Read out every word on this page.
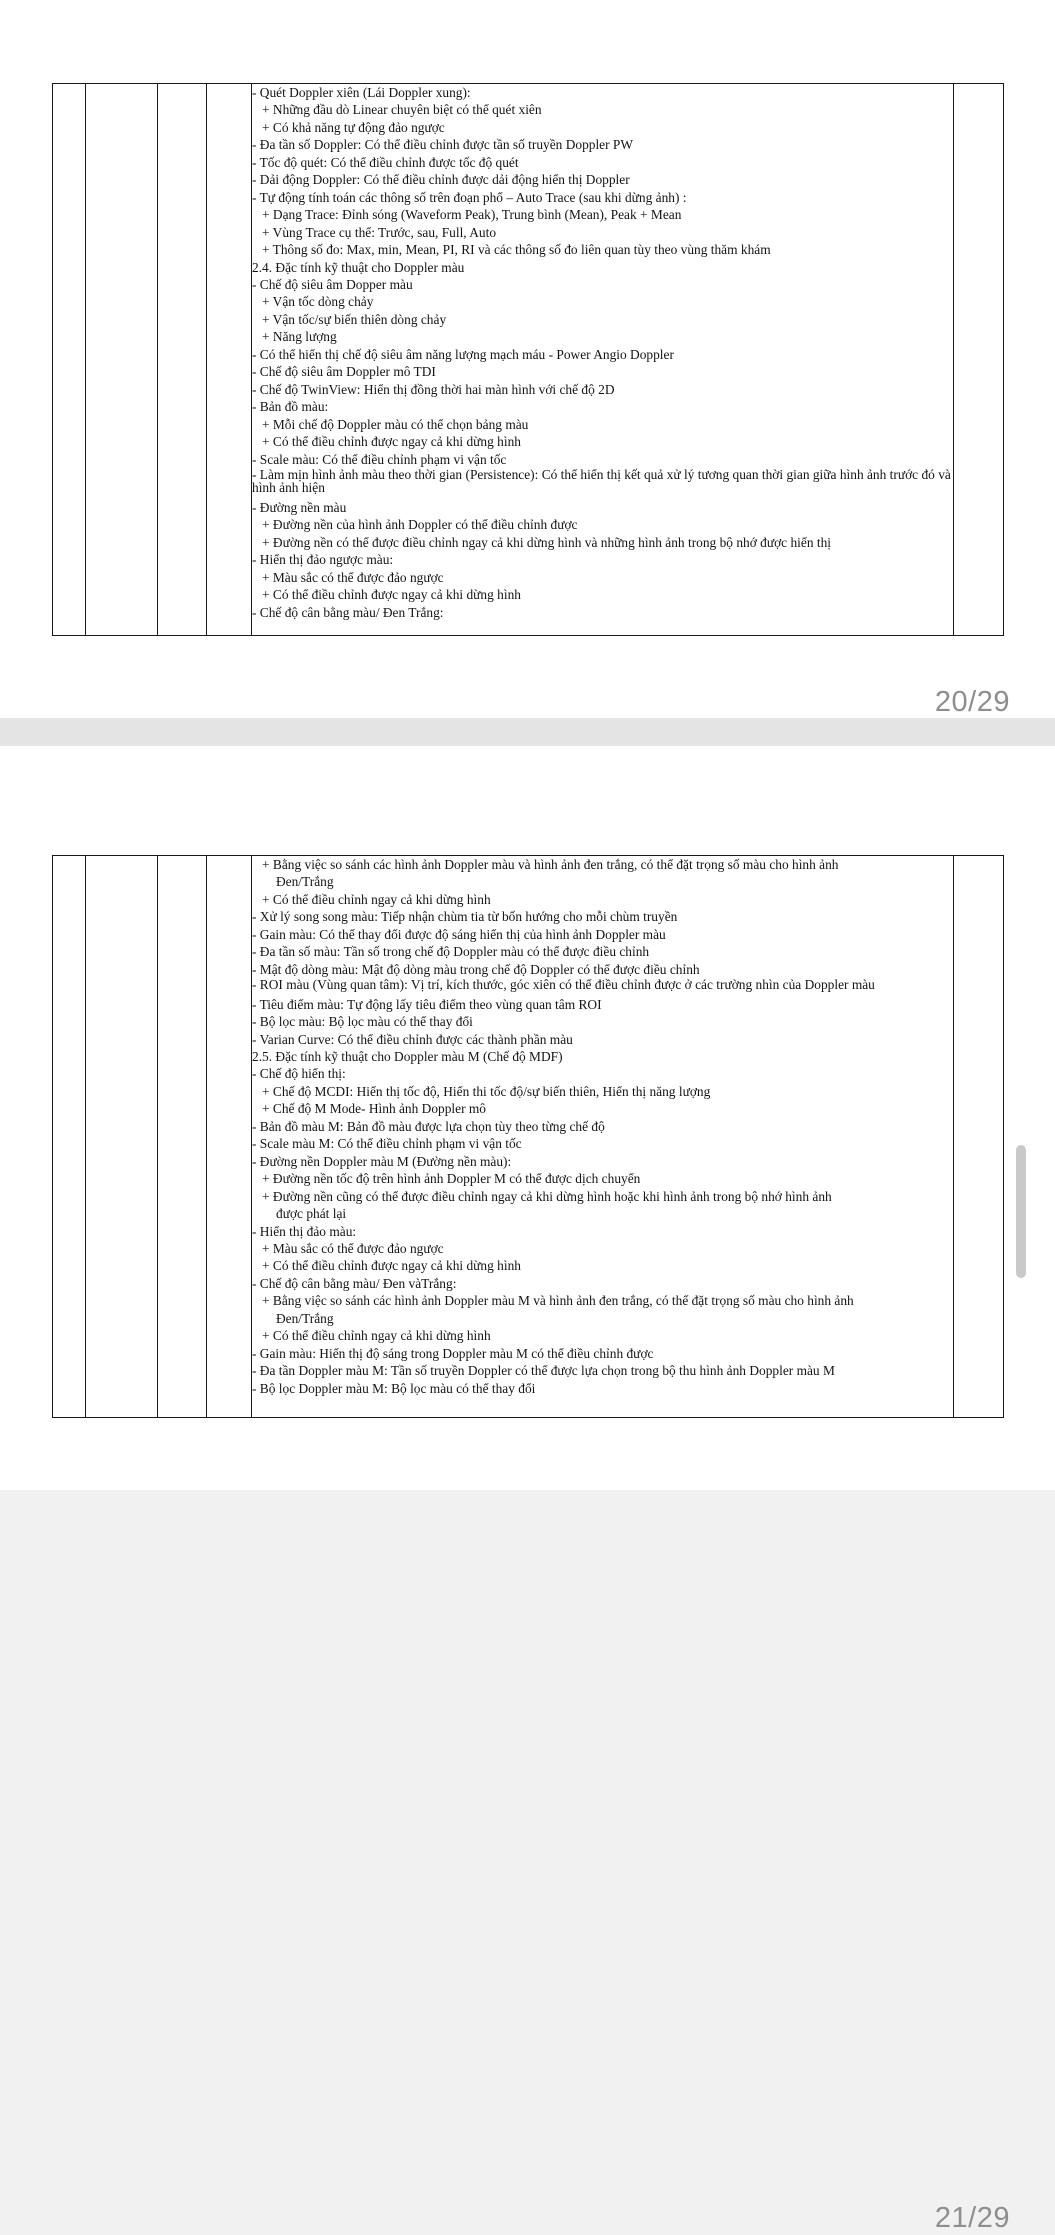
- Quét Doppler xiên (Lái Doppler xung):
+ Những đầu dò Linear chuyên biệt có thể quét xiên
+ Có khả năng tự động đảo ngược
- Đa tần số Doppler: Có thể điều chỉnh được tần số truyền Doppler PW
- Tốc độ quét: Có thể điều chỉnh được tốc độ quét
- Dải động Doppler: Có thể điều chỉnh được dải động hiển thị Doppler
- Tự động tính toán các thông số trên đoạn phổ – Auto Trace (sau khi dừng ảnh) :
+ Dạng Trace: Đỉnh sóng (Waveform Peak), Trung bình (Mean), Peak + Mean
+ Vùng Trace cụ thể: Trước, sau, Full, Auto
+ Thông số đo: Max, min, Mean, PI, RI và các thông số đo liên quan tùy theo vùng thăm khám
2.4. Đặc tính kỹ thuật cho Doppler màu
- Chế độ siêu âm Dopper màu
+ Vận tốc dòng chảy
+ Vận tốc/sự biến thiên dòng chảy
+ Năng lượng
- Có thể hiển thị chế độ siêu âm năng lượng mạch máu - Power Angio Doppler
- Chế độ siêu âm Doppler mô TDI
- Chế độ TwinView: Hiển thị đồng thời hai màn hình với chế độ 2D
- Bản đồ màu:
+ Mỗi chế độ Doppler màu có thể chọn bảng màu
+ Có thể điều chỉnh được ngay cả khi dừng hình
- Scale màu: Có thể điều chỉnh phạm vi vận tốc
- Làm mịn hình ảnh màu theo thời gian (Persistence): Có thể hiển thị kết quả xử lý tương quan thời gian giữa hình ảnh trước đó và hình ảnh hiện
- Đường nền màu
+ Đường nền của hình ảnh Doppler có thể điều chỉnh được
+ Đường nền có thể được điều chỉnh ngay cả khi dừng hình và những hình ảnh trong bộ nhớ được hiển thị
- Hiển thị đảo ngược màu:
+ Màu sắc có thể được đảo ngược
+ Có thể điều chỉnh được ngay cả khi dừng hình
- Chế độ cân bằng màu/ Đen Trắng:

20/29

+ Bằng việc so sánh các hình ảnh Doppler màu và hình ảnh đen trắng, có thể đặt trọng số màu cho hình ảnh
Đen/Trắng
+ Có thể điều chỉnh ngay cả khi dừng hình
- Xử lý song song màu: Tiếp nhận chùm tia từ bốn hướng cho mỗi chùm truyền
- Gain màu: Có thể thay đổi được độ sáng hiển thị của hình ảnh Doppler màu
- Đa tần số màu: Tần số trong chế độ Doppler màu có thể được điều chỉnh
- Mật độ dòng màu: Mật độ dòng màu trong chế độ Doppler có thể được điều chỉnh
- ROI màu (Vùng quan tâm): Vị trí, kích thước, góc xiên có thể điều chỉnh được ở các trường nhìn của Doppler màu
- Tiêu điểm màu: Tự động lấy tiêu điểm theo vùng quan tâm ROI
- Bộ lọc màu: Bộ lọc màu có thể thay đổi
- Varian Curve: Có thể điều chỉnh được các thành phần màu
2.5. Đặc tính kỹ thuật cho Doppler màu M (Chế độ MDF)
- Chế độ hiển thị:
+ Chế độ MCDI: Hiển thị tốc độ, Hiển thi tốc độ/sự biến thiên, Hiển thị năng lượng
+ Chế độ M Mode- Hình ảnh Doppler mô
- Bản đồ màu M: Bản đồ màu được lựa chọn tùy theo từng chế độ
- Scale màu M: Có thể điều chỉnh phạm vi vận tốc
- Đường nền Doppler màu M (Đường nền màu):
+ Đường nền tốc độ trên hình ảnh Doppler M có thể được dịch chuyển
+ Đường nền cũng có thể được điều chỉnh ngay cả khi dừng hình hoặc khi hình ảnh trong bộ nhớ hình ảnh
được phát lại
- Hiển thị đảo màu:
+ Màu sắc có thể được đảo ngược
+ Có thể điều chỉnh được ngay cả khi dừng hình
- Chế độ cân bằng màu/ Đen vàTrắng:
+ Bằng việc so sánh các hình ảnh Doppler màu M và hình ảnh đen trắng, có thể đặt trọng số màu cho hình ảnh
Đen/Trắng
+ Có thể điều chỉnh ngay cả khi dừng hình
- Gain màu: Hiển thị độ sáng trong Doppler màu M có thể điều chỉnh được
- Đa tần Doppler màu M: Tần số truyền Doppler có thể được lựa chọn trong bộ thu hình ảnh Doppler màu M
- Bộ lọc Doppler màu M: Bộ lọc màu có thể thay đổi

21/29
